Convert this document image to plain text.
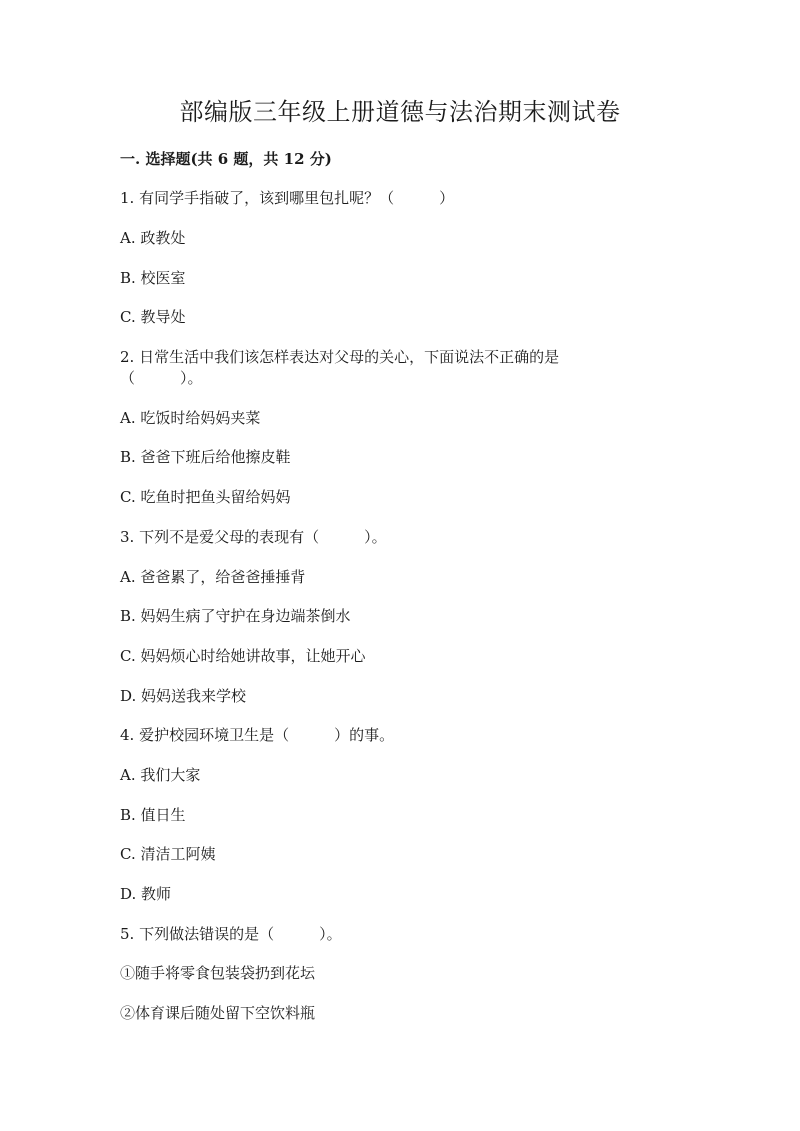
部编版三年级上册道德与法治期末测试卷
一. 选择题(共 6 题，共 12 分)
1. 有同学手指破了，该到哪里包扎呢？（　　　）
A. 政教处
B. 校医室
C. 教导处
2. 日常生活中我们该怎样表达对父母的关心，下面说法不正确的是
（　　　）。
A. 吃饭时给妈妈夹菜
B. 爸爸下班后给他擦皮鞋
C. 吃鱼时把鱼头留给妈妈
3. 下列不是爱父母的表现有（　　　）。
A. 爸爸累了，给爸爸捶捶背
B. 妈妈生病了守护在身边端茶倒水
C. 妈妈烦心时给她讲故事，让她开心
D. 妈妈送我来学校
4. 爱护校园环境卫生是（　　　）的事。
A. 我们大家
B. 值日生
C. 清洁工阿姨
D. 教师
5. 下列做法错误的是（　　　）。
①随手将零食包装袋扔到花坛
②体育课后随处留下空饮料瓶
